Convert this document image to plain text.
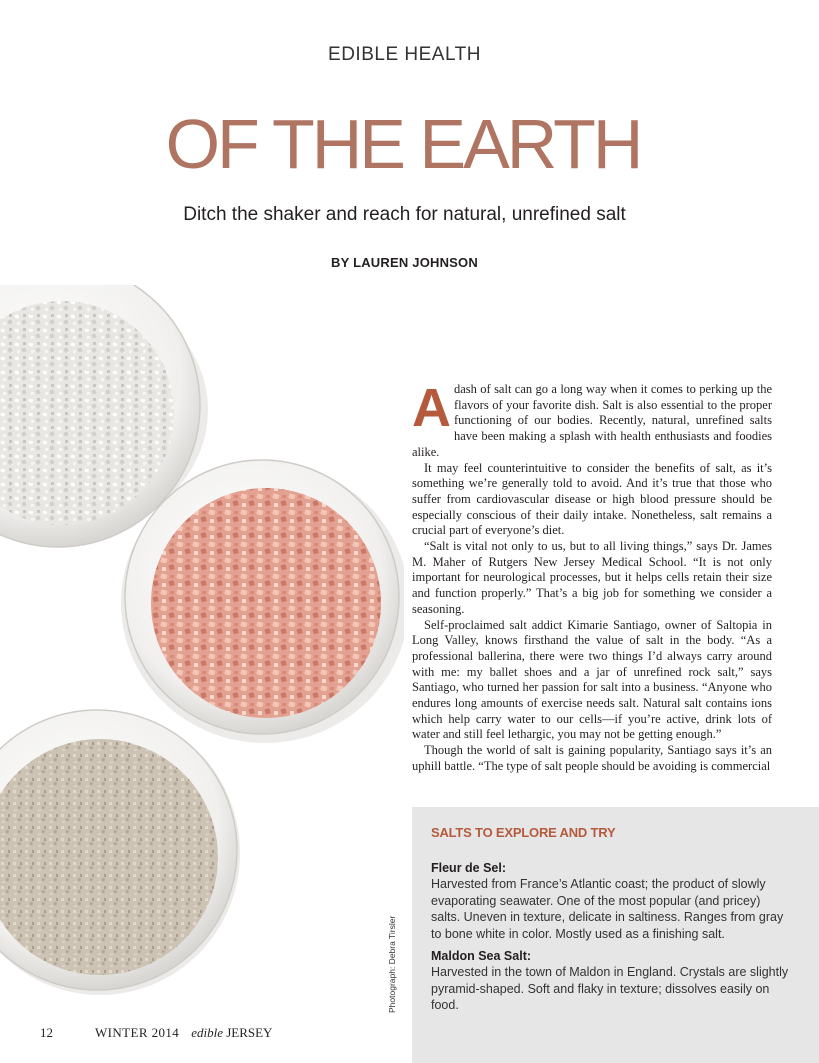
EDIBLE HEALTH
OF THE EARTH
Ditch the shaker and reach for natural, unrefined salt
BY LAUREN JOHNSON
Photograph: Debra Tirsler

Adash of salt can go a long way when it comes to perking up the flavors of your favorite dish. Salt is also essential to the proper functioning of our bodies. Recently, natural, unrefined salts have been making a splash with health enthusiasts and foodies alike.

It may feel counterintuitive to consider the benefits of salt, as it’s something we’re generally told to avoid. And it’s true that those who suffer from cardiovascular disease or high blood pressure should be especially conscious of their daily intake. Nonetheless, salt remains a crucial part of everyone’s diet.

“Salt is vital not only to us, but to all living things,” says Dr. James M. Maher of Rutgers New Jersey Medical School. “It is not only important for neurological processes, but it helps cells retain their size and function properly.” That’s a big job for something we consider a seasoning.

Self-proclaimed salt addict Kimarie Santiago, owner of Saltopia in Long Valley, knows firsthand the value of salt in the body. “As a professional ballerina, there were two things I’d always carry around with me: my ballet shoes and a jar of unrefined rock salt,” says Santiago, who turned her passion for salt into a business. “Anyone who endures long amounts of exercise needs salt. Natural salt contains ions which help carry water to our cells—if you’re active, drink lots of water and still feel lethargic, you may not be getting enough.”

Though the world of salt is gaining popularity, Santiago says it’s an uphill battle. “The type of salt people should be avoiding is commercial

SALTS TO EXPLORE AND TRY
Fleur de Sel:
Harvested from France’s Atlantic coast; the product of slowly evaporating seawater. One of the most popular (and pricey) salts. Uneven in texture, delicate in saltiness. Ranges from gray to bone white in color. Mostly used as a finishing salt.
Maldon Sea Salt:
Harvested in the town of Maldon in England. Crystals are slightly pyramid-shaped. Soft and flaky in texture; dissolves easily on food.
12	WINTER 2014 edible JERSEY
